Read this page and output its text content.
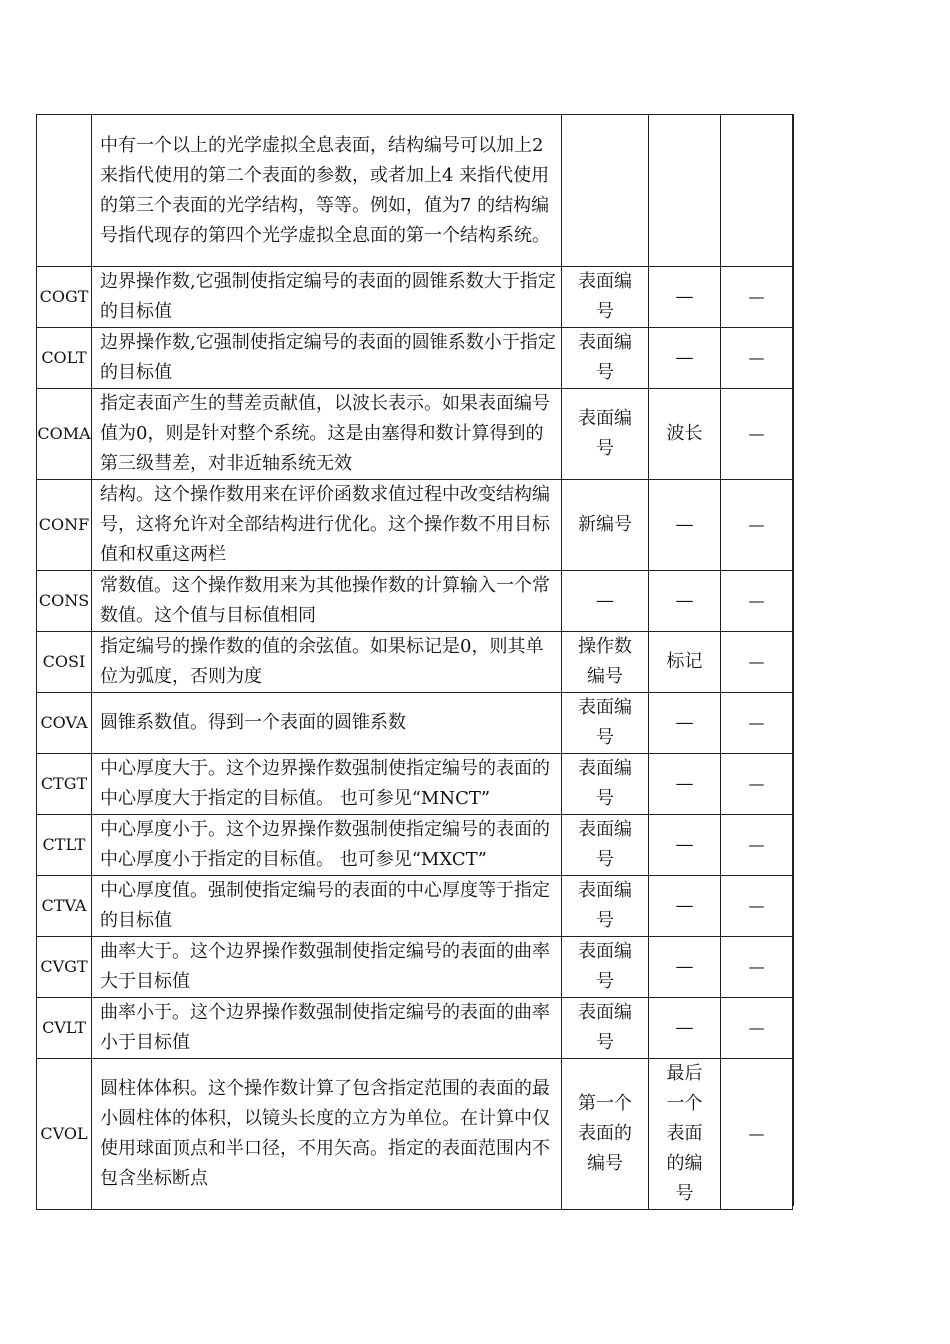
	中有一个以上的光学虚拟全息表面，结构编号可以加上2 来指代使用的第二个表面的参数，或者加上4 来指代使用的第三个表面的光学结构，等等。例如，值为7 的结构编号指代现存的第四个光学虚拟全息面的第一个结构系统。			
COGT	边界操作数,它强制使指定编号的表面的圆锥系数大于指定的目标值	表面编号	—	—
COLT	边界操作数,它强制使指定编号的表面的圆锥系数小于指定的目标值	表面编号	—	—
COMA	指定表面产生的彗差贡献值，以波长表示。如果表面编号值为0，则是针对整个系统。这是由塞得和数计算得到的第三级彗差，对非近轴系统无效	表面编号	波长	—
CONF	结构。这个操作数用来在评价函数求值过程中改变结构编号，这将允许对全部结构进行优化。这个操作数不用目标值和权重这两栏	新编号	—	—
CONS	常数值。这个操作数用来为其他操作数的计算输入一个常数值。这个值与目标值相同	—	—	—
COSI	指定编号的操作数的值的余弦值。如果标记是0，则其单位为弧度，否则为度	操作数编号	标记	—
COVA	圆锥系数值。得到一个表面的圆锥系数	表面编号	—	—
CTGT	中心厚度大于。这个边界操作数强制使指定编号的表面的中心厚度大于指定的目标值。 也可参见“MNCT”	表面编号	—	—
CTLT	中心厚度小于。这个边界操作数强制使指定编号的表面的中心厚度小于指定的目标值。 也可参见“MXCT”	表面编号	—	—
CTVA	中心厚度值。强制使指定编号的表面的中心厚度等于指定的目标值	表面编号	—	—
CVGT	曲率大于。这个边界操作数强制使指定编号的表面的曲率大于目标值	表面编号	—	—
CVLT	曲率小于。这个边界操作数强制使指定编号的表面的曲率小于目标值	表面编号	—	—
CVOL	圆柱体体积。这个操作数计算了包含指定范围的表面的最小圆柱体的体积，以镜头长度的立方为单位。在计算中仅使用球面顶点和半口径，不用矢高。指定的表面范围内不包含坐标断点	第一个表面的编号	最后一个表面的编号	—
